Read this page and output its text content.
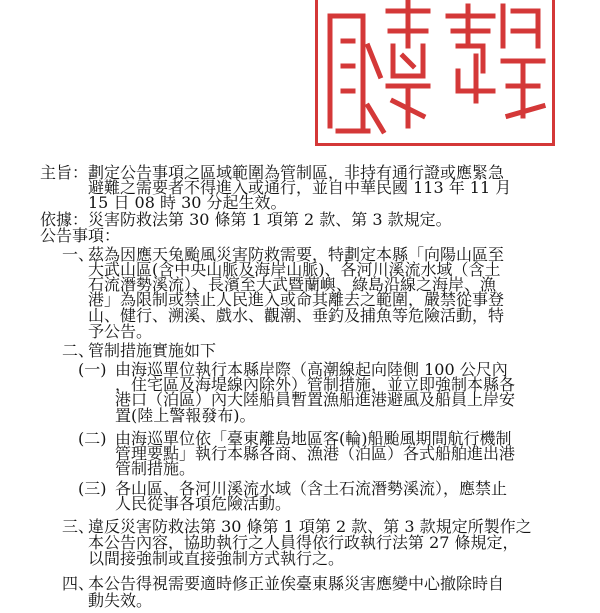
主旨： 劃定公告事項之區域範圍為管制區，非持有通行證或應緊急
避難之需要者不得進入或通行，並自中華民國 113 年 11 月
15 日 08 時 30 分起生效。
依據： 災害防救法第 30 條第 1 項第 2 款、第 3 款規定。
公告事項：
一、
茲為因應天兔颱風災害防救需要，特劃定本縣「向陽山區至
大武山區(含中央山脈及海岸山脈)、各河川溪流水域（含土
石流潛勢溪流）、長濱至大武暨蘭嶼、綠島沿線之海岸、漁
港」為限制或禁止人民進入或命其離去之範圍，嚴禁從事登
山、健行、溯溪、戲水、觀潮、垂釣及捕魚等危險活動，特
予公告。
二、
管制措施實施如下
(一) 由海巡單位執行本縣岸際（高潮線起向陸側 100 公尺內
，住宅區及海堤線內除外）管制措施，並立即強制本縣各
港口（泊區）內大陸船員暫置漁船進港避風及船員上岸安
置(陸上警報發布)。
(二) 由海巡單位依「臺東離島地區客(輪)船颱風期間航行機制
管理要點」執行本縣各商、漁港（泊區）各式船舶進出港
管制措施。
(三) 各山區、各河川溪流水域（含土石流潛勢溪流），應禁止
人民從事各項危險活動。
三、
違反災害防救法第 30 條第 1 項第 2 款、第 3 款規定所製作之
本公告內容，協助執行之人員得依行政執行法第 27 條規定，
以間接強制或直接強制方式執行之。
四、
本公告得視需要適時修正並俟臺東縣災害應變中心撤除時自
動失效。
